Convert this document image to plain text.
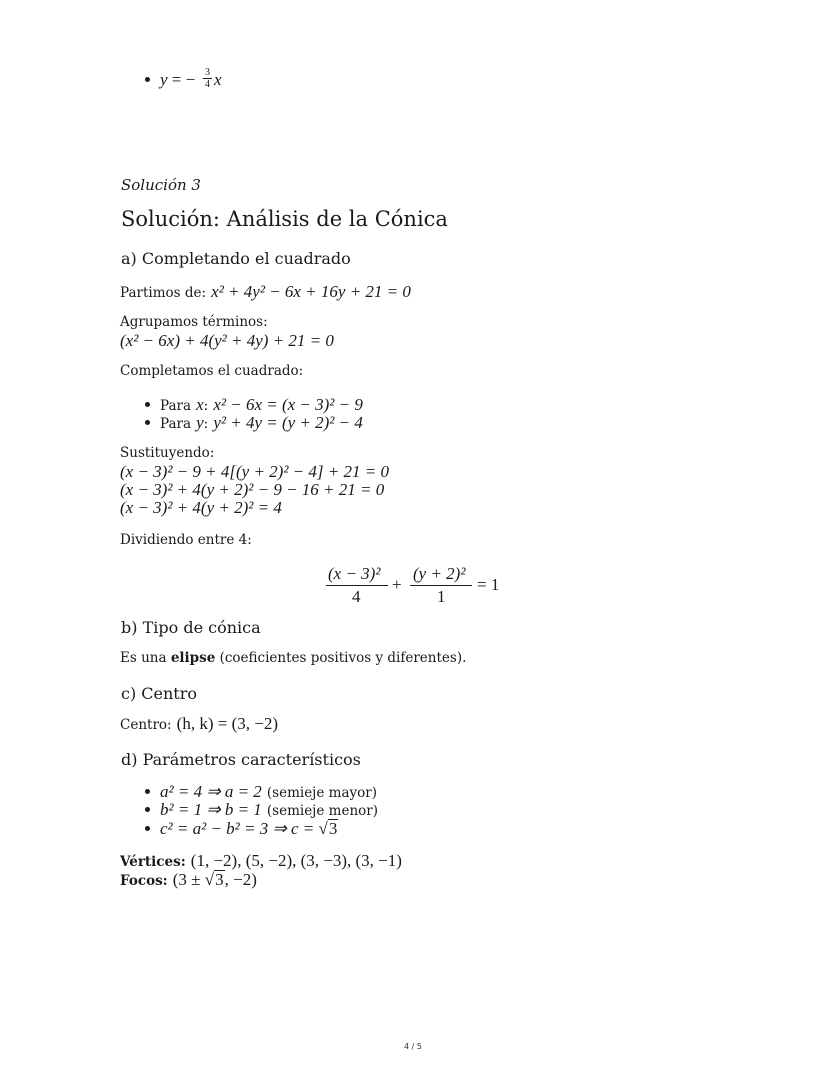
y = − 3
4 x
Solución 3
Solución: Análisis de la Cónica
a) Completando el cuadrado
Partimos de: x² + 4y² − 6x + 16y + 21 = 0
Agrupamos términos:
(x² − 6x) + 4(y² + 4y) + 21 = 0
Completamos el cuadrado:
Para x: x² − 6x = (x − 3)² − 9
Para y: y² + 4y = (y + 2)² − 4
Sustituyendo:
(x − 3)² − 9 + 4[(y + 2)² − 4] + 21 = 0
(x − 3)² + 4(y + 2)² − 9 − 16 + 21 = 0
(x − 3)² + 4(y + 2)² = 4
Dividiendo entre 4:
(x − 3)²
4
+
(y + 2)²
1
= 1
b) Tipo de cónica
Es una elipse (coeficientes positivos y diferentes).
c) Centro
Centro: (h, k) = (3, −2)
d) Parámetros característicos
a² = 4 ⇒ a = 2 (semieje mayor)
b² = 1 ⇒ b = 1 (semieje menor)
c² = a² − b² = 3 ⇒ c = √3
Vértices: (1, −2), (5, −2), (3, −3), (3, −1)
Focos: (3 ± √3, −2)
4 / 5
